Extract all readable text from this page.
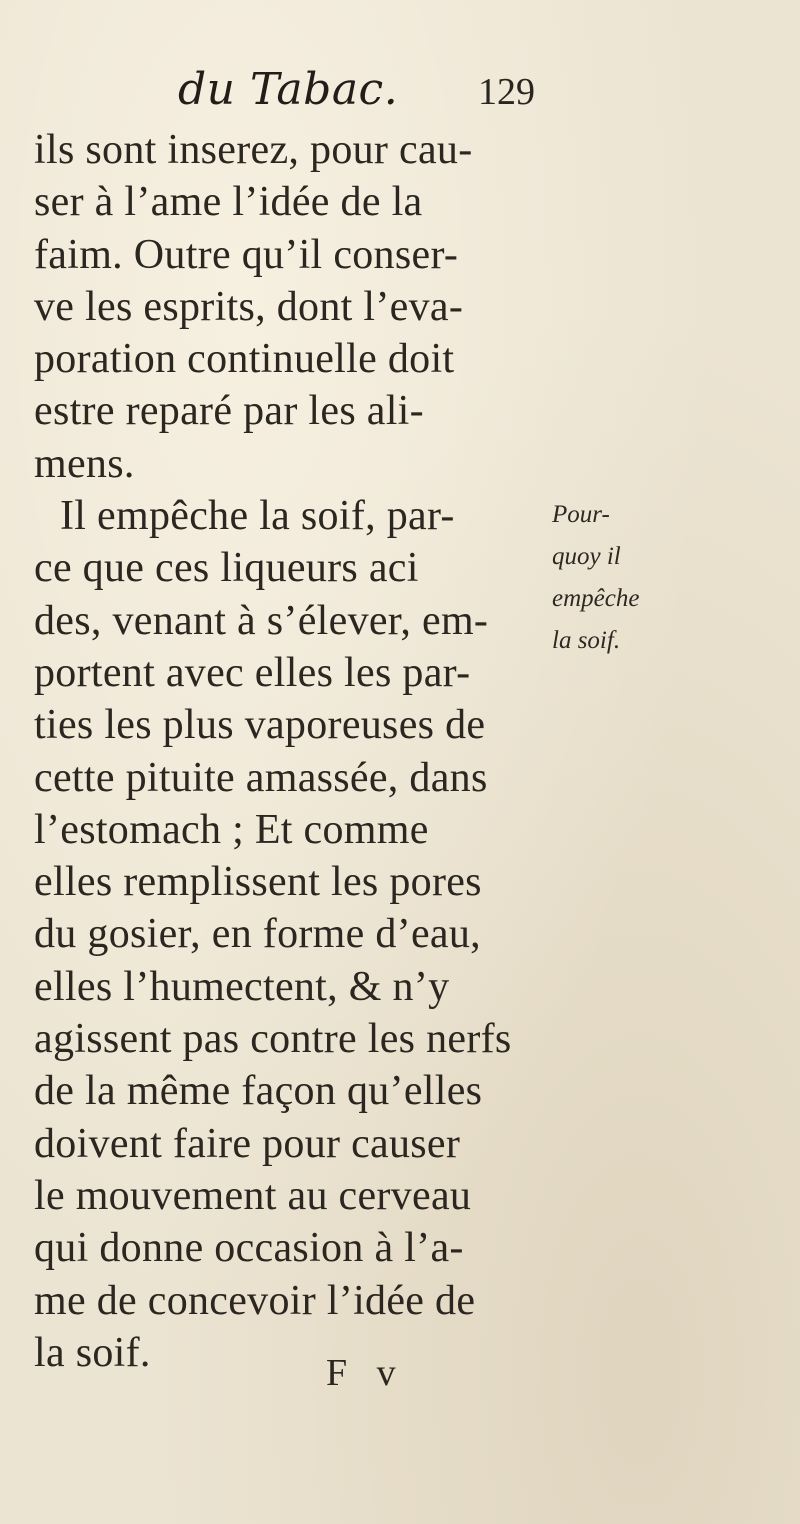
du Tabac. 129
ils sont inserez, pour cau-
ser à l’ame l’idée de la
faim. Outre qu’il conser-
ve les esprits, dont l’eva-
poration continuelle doit
estre reparé par les ali-
mens.
Il empêche la soif, par-
ce que ces liqueurs aci
des, venant à s’élever, em-
portent avec elles les par-
ties les plus vaporeuses de
cette pituite amassée, dans
l’estomach ; Et comme
elles remplissent les pores
du gosier, en forme d’eau,
elles l’humectent, & n’y
agissent pas contre les nerfs
de la même façon qu’elles
doivent faire pour causer
le mouvement au cerveau
qui donne occasion à l’a-
me de concevoir l’idée de
la soif.
Pour-
quoy il
empêche
la soif.
F v
